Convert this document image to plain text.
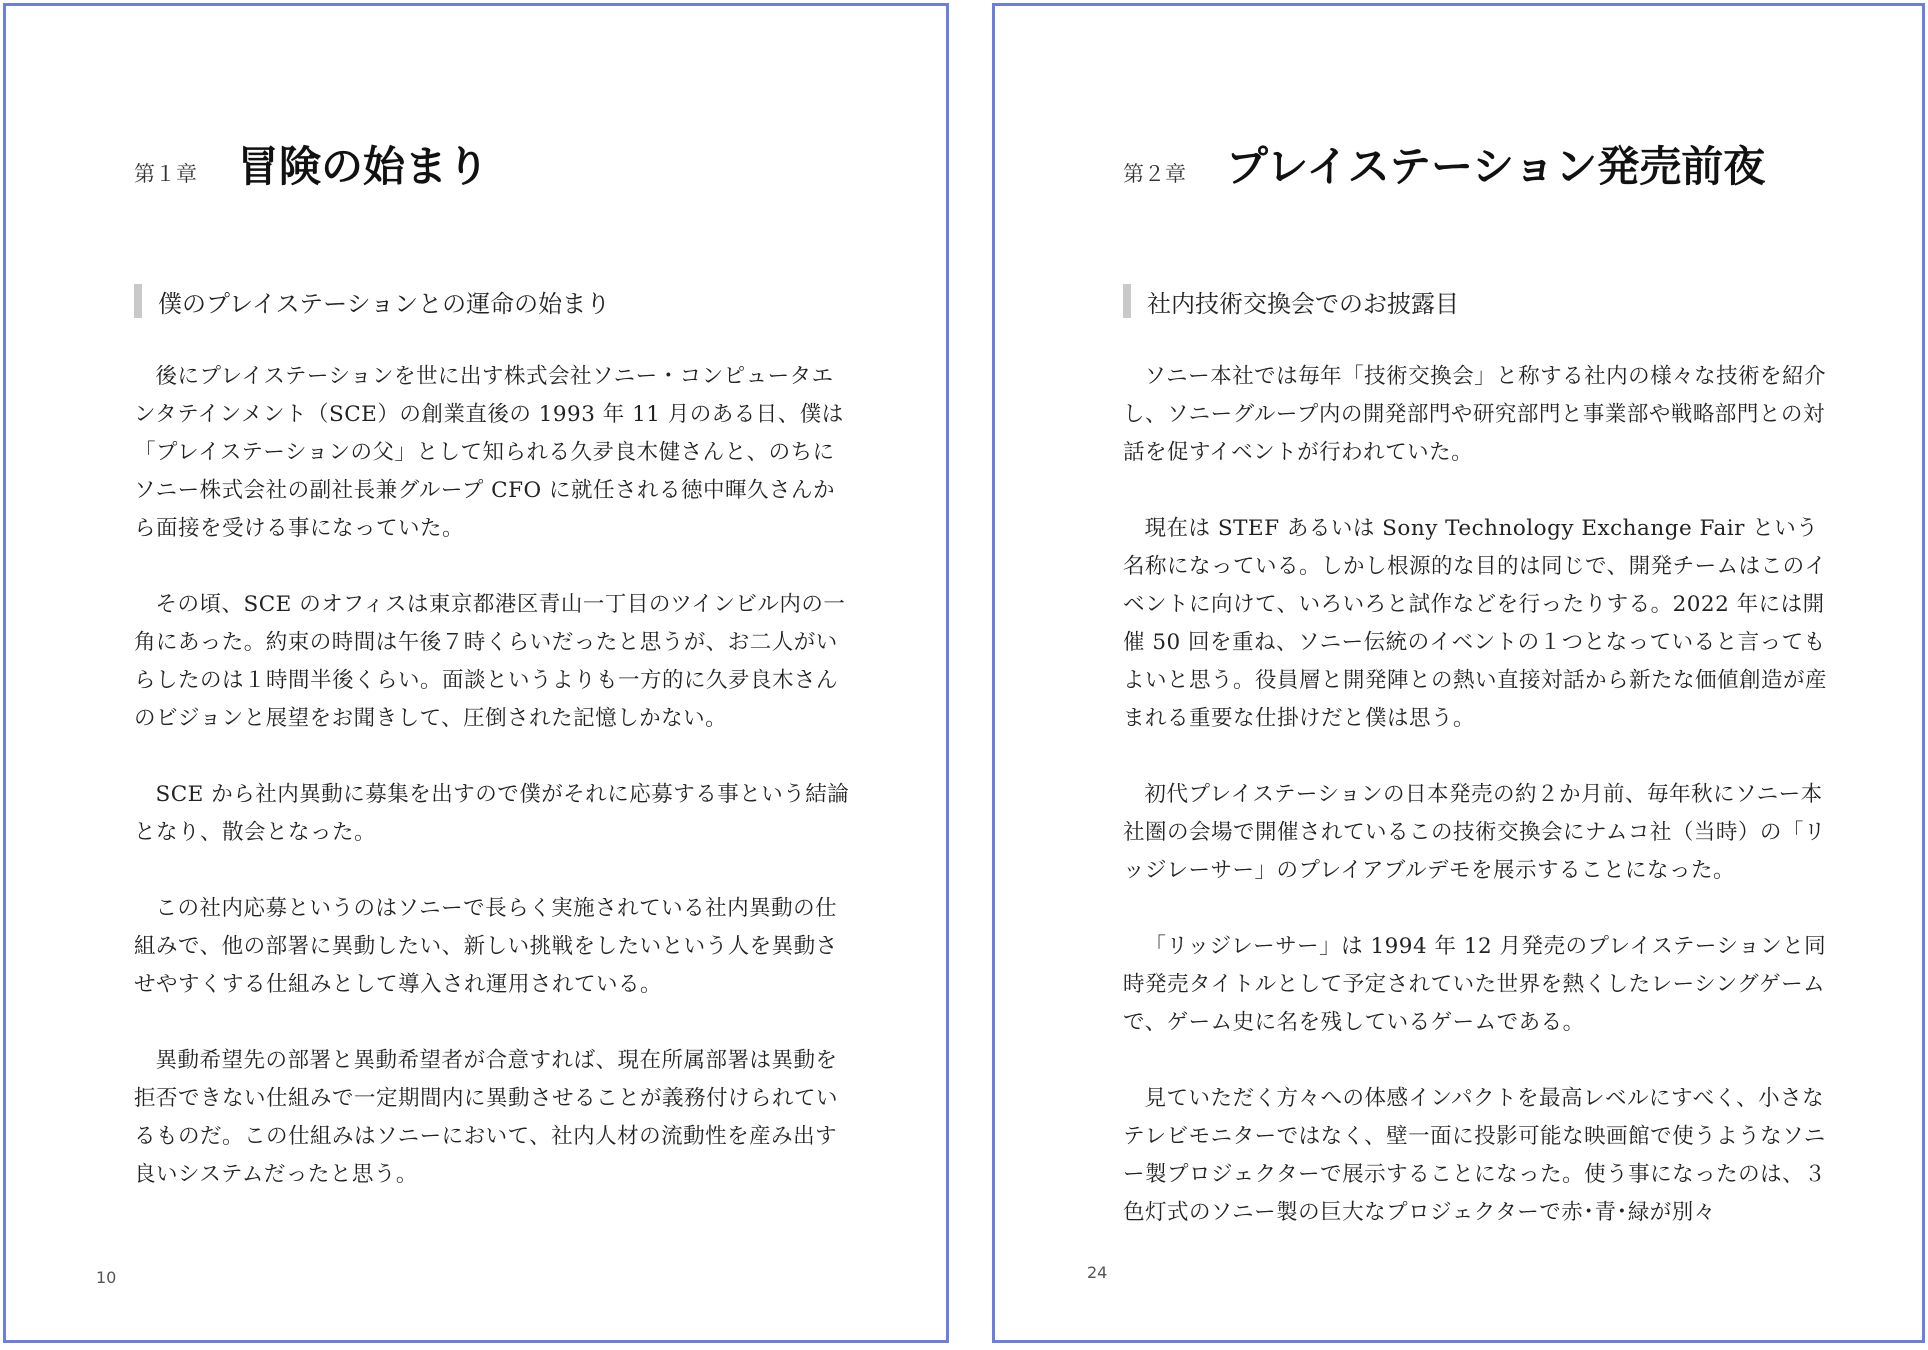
第１章 冒険の始まり
僕のプレイステーションとの運命の始まり

後にプレイステーションを世に出す株式会社ソニー・コンピュータエンタテインメント（SCE）の創業直後の 1993 年 11 月のある日、僕は「プレイステーションの父」として知られる久夛良木健さんと、のちにソニー株式会社の副社長兼グループ CFO に就任される徳中暉久さんから面接を受ける事になっていた。

その頃、SCE のオフィスは東京都港区青山一丁目のツインビル内の一角にあった。約束の時間は午後７時くらいだったと思うが、お二人がいらしたのは１時間半後くらい。面談というよりも一方的に久夛良木さんのビジョンと展望をお聞きして、圧倒された記憶しかない。

SCE から社内異動に募集を出すので僕がそれに応募する事という結論となり、散会となった。

この社内応募というのはソニーで長らく実施されている社内異動の仕組みで、他の部署に異動したい、新しい挑戦をしたいという人を異動させやすくする仕組みとして導入され運用されている。

異動希望先の部署と異動希望者が合意すれば、現在所属部署は異動を拒否できない仕組みで一定期間内に異動させることが義務付けられているものだ。この仕組みはソニーにおいて、社内人材の流動性を産み出す良いシステムだったと思う。

10
第２章 プレイステーション発売前夜
社内技術交換会でのお披露目

ソニー本社では毎年「技術交換会」と称する社内の様々な技術を紹介し、ソニーグループ内の開発部門や研究部門と事業部や戦略部門との対話を促すイベントが行われていた。

現在は STEF あるいは Sony Technology Exchange Fair という名称になっている。しかし根源的な目的は同じで、開発チームはこのイベントに向けて、いろいろと試作などを行ったりする。2022 年には開催 50 回を重ね、ソニー伝統のイベントの１つとなっていると言ってもよいと思う。役員層と開発陣との熱い直接対話から新たな価値創造が産まれる重要な仕掛けだと僕は思う。

初代プレイステーションの日本発売の約２か月前、毎年秋にソニー本社圏の会場で開催されているこの技術交換会にナムコ社（当時）の「リッジレーサー」のプレイアブルデモを展示することになった。

「リッジレーサー」は 1994 年 12 月発売のプレイステーションと同時発売タイトルとして予定されていた世界を熱くしたレーシングゲームで、ゲーム史に名を残しているゲームである。

見ていただく方々への体感インパクトを最高レベルにすべく、小さなテレビモニターではなく、壁一面に投影可能な映画館で使うようなソニー製プロジェクターで展示することになった。使う事になったのは、３色灯式のソニー製の巨大なプロジェクターで赤･青･緑が別々

24
